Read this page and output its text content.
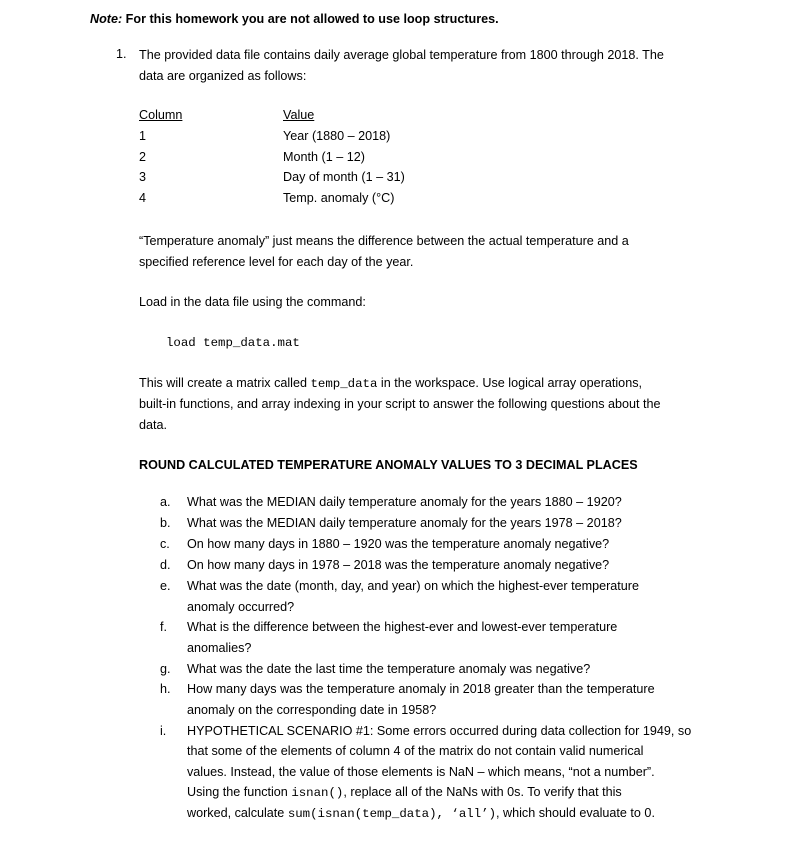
Note: For this homework you are not allowed to use loop structures.
1. The provided data file contains daily average global temperature from 1800 through 2018. The
data are organized as follows:
Column	Value
1	Year (1880 – 2018)
2	Month (1 – 12)
3	Day of month (1 – 31)
4	Temp. anomaly (°C)
“Temperature anomaly” just means the difference between the actual temperature and a
specified reference level for each day of the year.
Load in the data file using the command:
load temp_data.mat
This will create a matrix called temp_data in the workspace. Use logical array operations,
built-in functions, and array indexing in your script to answer the following questions about the
data.
ROUND CALCULATED TEMPERATURE ANOMALY VALUES TO 3 DECIMAL PLACES
a.	What was the MEDIAN daily temperature anomaly for the years 1880 – 1920?
b.	What was the MEDIAN daily temperature anomaly for the years 1978 – 2018?
c.	On how many days in 1880 – 1920 was the temperature anomaly negative?
d.	On how many days in 1978 – 2018 was the temperature anomaly negative?
e.	What was the date (month, day, and year) on which the highest-ever temperature
anomaly occurred?
f.	What is the difference between the highest-ever and lowest-ever temperature
anomalies?
g.	What was the date the last time the temperature anomaly was negative?
h.	How many days was the temperature anomaly in 2018 greater than the temperature
anomaly on the corresponding date in 1958?
i.	HYPOTHETICAL SCENARIO #1: Some errors occurred during data collection for 1949, so
that some of the elements of column 4 of the matrix do not contain valid numerical
values. Instead, the value of those elements is NaN – which means, “not a number”.
Using the function isnan(), replace all of the NaNs with 0s. To verify that this
worked, calculate sum(isnan(temp_data), ‘all’), which should evaluate to 0.
